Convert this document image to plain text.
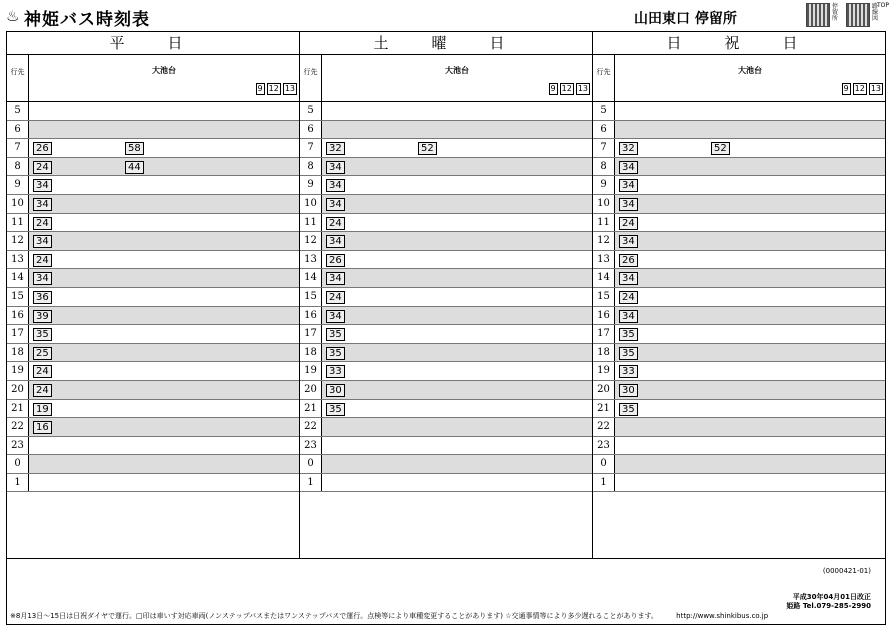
♨ 神姫バス時刻表	山田東口 停留所
停留所
路線図
TOP
平　日
行先	大池台
9 12 13
5
6
7	26	58
8	24	44
9	34
10	34
11	24
12	34
13	24
14	34
15	36
16	39
17	35
18	25
19	24
20	24
21	19
22	16
23
0
1
土　曜　日
行先	大池台
9 12 13
5
6
7	32	52
8	34
9	34
10	34
11	24
12	34
13	26
14	34
15	24
16	34
17	35
18	35
19	33
20	30
21	35
22
23
0
1
日　祝　日
行先	大池台
9 12 13
5
6
7	32	52
8	34
9	34
10	34
11	24
12	34
13	26
14	34
15	24
16	34
17	35
18	35
19	33
20	30
21	35
22
23
0
1
(0000421-01)
平成30年04月01日改正
姫路 Tel.079-285-2990
※8月13日～15日は日祝ダイヤで運行。□印は車いす対応車両(ノンステップバスまたはワンステップバスで運行。点検等により車種変更することがあります) ☆交通事情等により多少遅れることがあります。	http://www.shinkibus.co.jp
